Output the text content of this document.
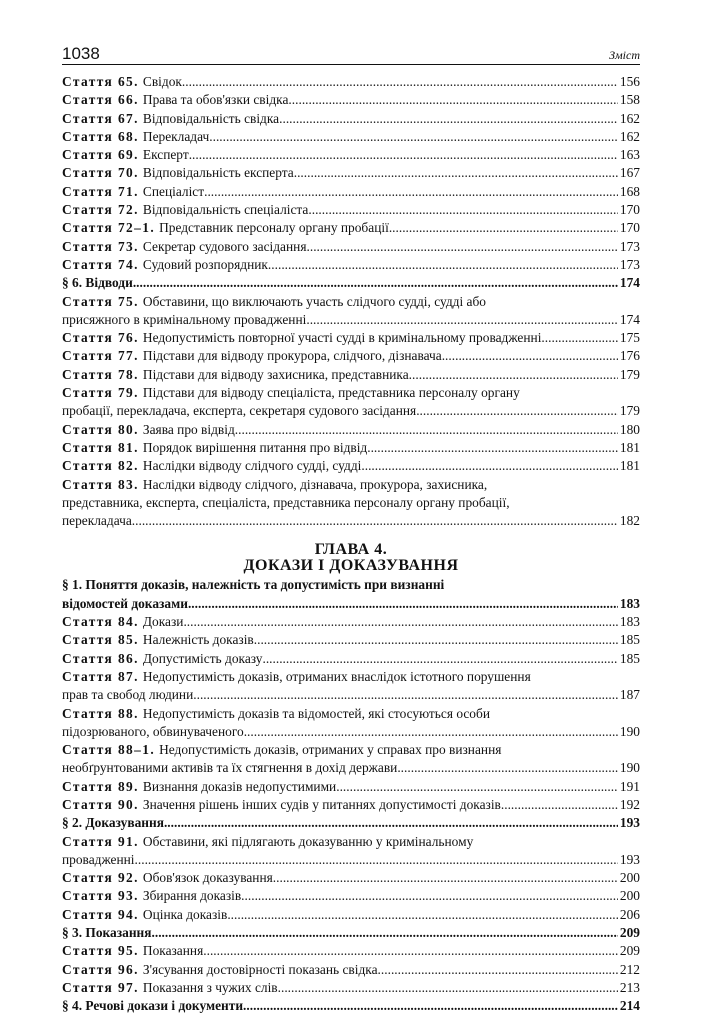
1038	Зміст
Стаття 65. Свідок .....	156
Стаття 66. Права та обов'язки свідка .....	158
Стаття 67. Відповідальність свідка .....	162
Стаття 68. Перекладач .....	162
Стаття 69. Експерт .....	163
Стаття 70. Відповідальність експерта .....	167
Стаття 71. Спеціаліст .....	168
Стаття 72. Відповідальність спеціаліста .....	170
Стаття 72–1. Представник персоналу органу пробації .....	170
Стаття 73. Секретар судового засідання .....	173
Стаття 74. Судовий розпорядник .....	173
§ 6. Відводи .....	174
Стаття 75. Обставини, що виключають участь слідчого судді, судді або
присяжного в кримінальному провадженні .....	174
Стаття 76. Недопустимість повторної участі судді в кримінальному провадженні .....	175
Стаття 77. Підстави для відводу прокурора, слідчого, дізнавача .....	176
Стаття 78. Підстави для відводу захисника, представника .....	179
Стаття 79. Підстави для відводу спеціаліста, представника персоналу органу
пробації, перекладача, експерта, секретаря судового засідання .....	179
Стаття 80. Заява про відвід .....	180
Стаття 81. Порядок вирішення питання про відвід .....	181
Стаття 82. Наслідки відводу слідчого судді, судді .....	181
Стаття 83. Наслідки відводу слідчого, дізнавача, прокурора, захисника,
представника, експерта, спеціаліста, представника персоналу органу пробації,
перекладача .....	182
ГЛАВА 4.
ДОКАЗИ І ДОКАЗУВАННЯ
§ 1. Поняття доказів, належність та допустимість при визнанні
відомостей доказами .....	183
Стаття 84. Докази .....	183
Стаття 85. Належність доказів .....	185
Стаття 86. Допустимість доказу .....	185
Стаття 87. Недопустимість доказів, отриманих внаслідок істотного порушення
прав та свобод людини .....	187
Стаття 88. Недопустимість доказів та відомостей, які стосуються особи
підозрюваного, обвинуваченого .....	190
Стаття 88–1. Недопустимість доказів, отриманих у справах про визнання
необґрунтованими активів та їх стягнення в дохід держави .....	190
Стаття 89. Визнання доказів недопустимими .....	191
Стаття 90. Значення рішень інших судів у питаннях допустимості доказів .....	192
§ 2. Доказування .....	193
Стаття 91. Обставини, які підлягають доказуванню у кримінальному
провадженні .....	193
Стаття 92. Обов'язок доказування .....	200
Стаття 93. Збирання доказів .....	200
Стаття 94. Оцінка доказів .....	206
§ 3. Показання .....	209
Стаття 95. Показання .....	209
Стаття 96. З'ясування достовірності показань свідка .....	212
Стаття 97. Показання з чужих слів .....	213
§ 4. Речові докази і документи .....	214
